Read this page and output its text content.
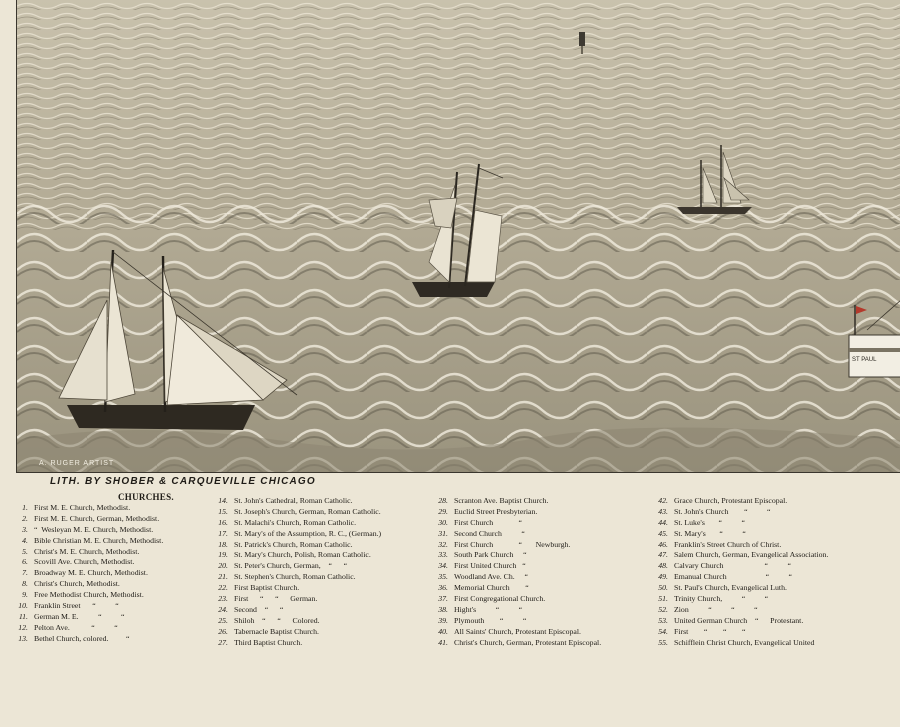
ST PAUL
A. RUGER ARTIST
LITH. BY SHOBER & CARQUEVILLE CHICAGO
CHURCHES.
1. First M. E. Church, Methodist.
2. First M. E. Church, German, Methodist.
3. “  Wesleyan M. E. Church, Methodist.
4. Bible Christian M. E. Church, Methodist.
5. Christ's M. E. Church, Methodist.
6. Scovill Ave. Church, Methodist.
7. Broadway M. E. Church, Methodist.
8. Christ's Church, Methodist.
9. Free Methodist Church, Methodist.
10. Franklin Street      “          “
11. German M. E.          “          “
12. Pelton Ave.           “          “
13. Bethel Church, colored.         “
14. St. John's Cathedral, Roman Catholic.
15. St. Joseph's Church, German, Roman Catholic.
16. St. Malachi's Church, Roman Catholic.
17. St. Mary's of the Assumption, R. C., (German.)
18. St. Patrick's Church, Roman Catholic.
19. St. Mary's Church, Polish, Roman Catholic.
20. St. Peter's Church, German,    “      “
21. St. Stephen's Church, Roman Catholic.
22. First Baptist Church.
23. First      “      “      German.
24. Second    “      “
25. Shiloh    “      “      Colored.
26. Tabernacle Baptist Church.
27. Third Baptist Church.
28. Scranton Ave. Baptist Church.
29. Euclid Street Presbyterian.
30. First Church             “
31. Second Church          “
32. First Church             “       Newburgh.
33. South Park Church     “
34. First United Church   “
35. Woodland Ave. Ch.     “
36. Memorial Church        “
37. First Congregational Church.
38. Hight's          “          “
39. Plymouth        “          “
40. All Saints' Church, Protestant Episcopal.
41. Christ's Church, German, Protestant Episcopal.
42. Grace Church, Protestant Episcopal.
43. St. John's Church        “          “
44. St. Luke's       “          “
45. St. Mary's       “          “
46. Franklin's Street Church of Christ.
47. Salem Church, German, Evangelical Association.
48. Calvary Church                     “          “
49. Emanual Church                    “          “
50. St. Paul's Church, Evangelical Luth.
51. Trinity Church,          “          “
52. Zion          “          “          “
53. United German Church    “      Protestant.
54. First        “        “        “
55. Schifflein Christ Church, Evangelical United
